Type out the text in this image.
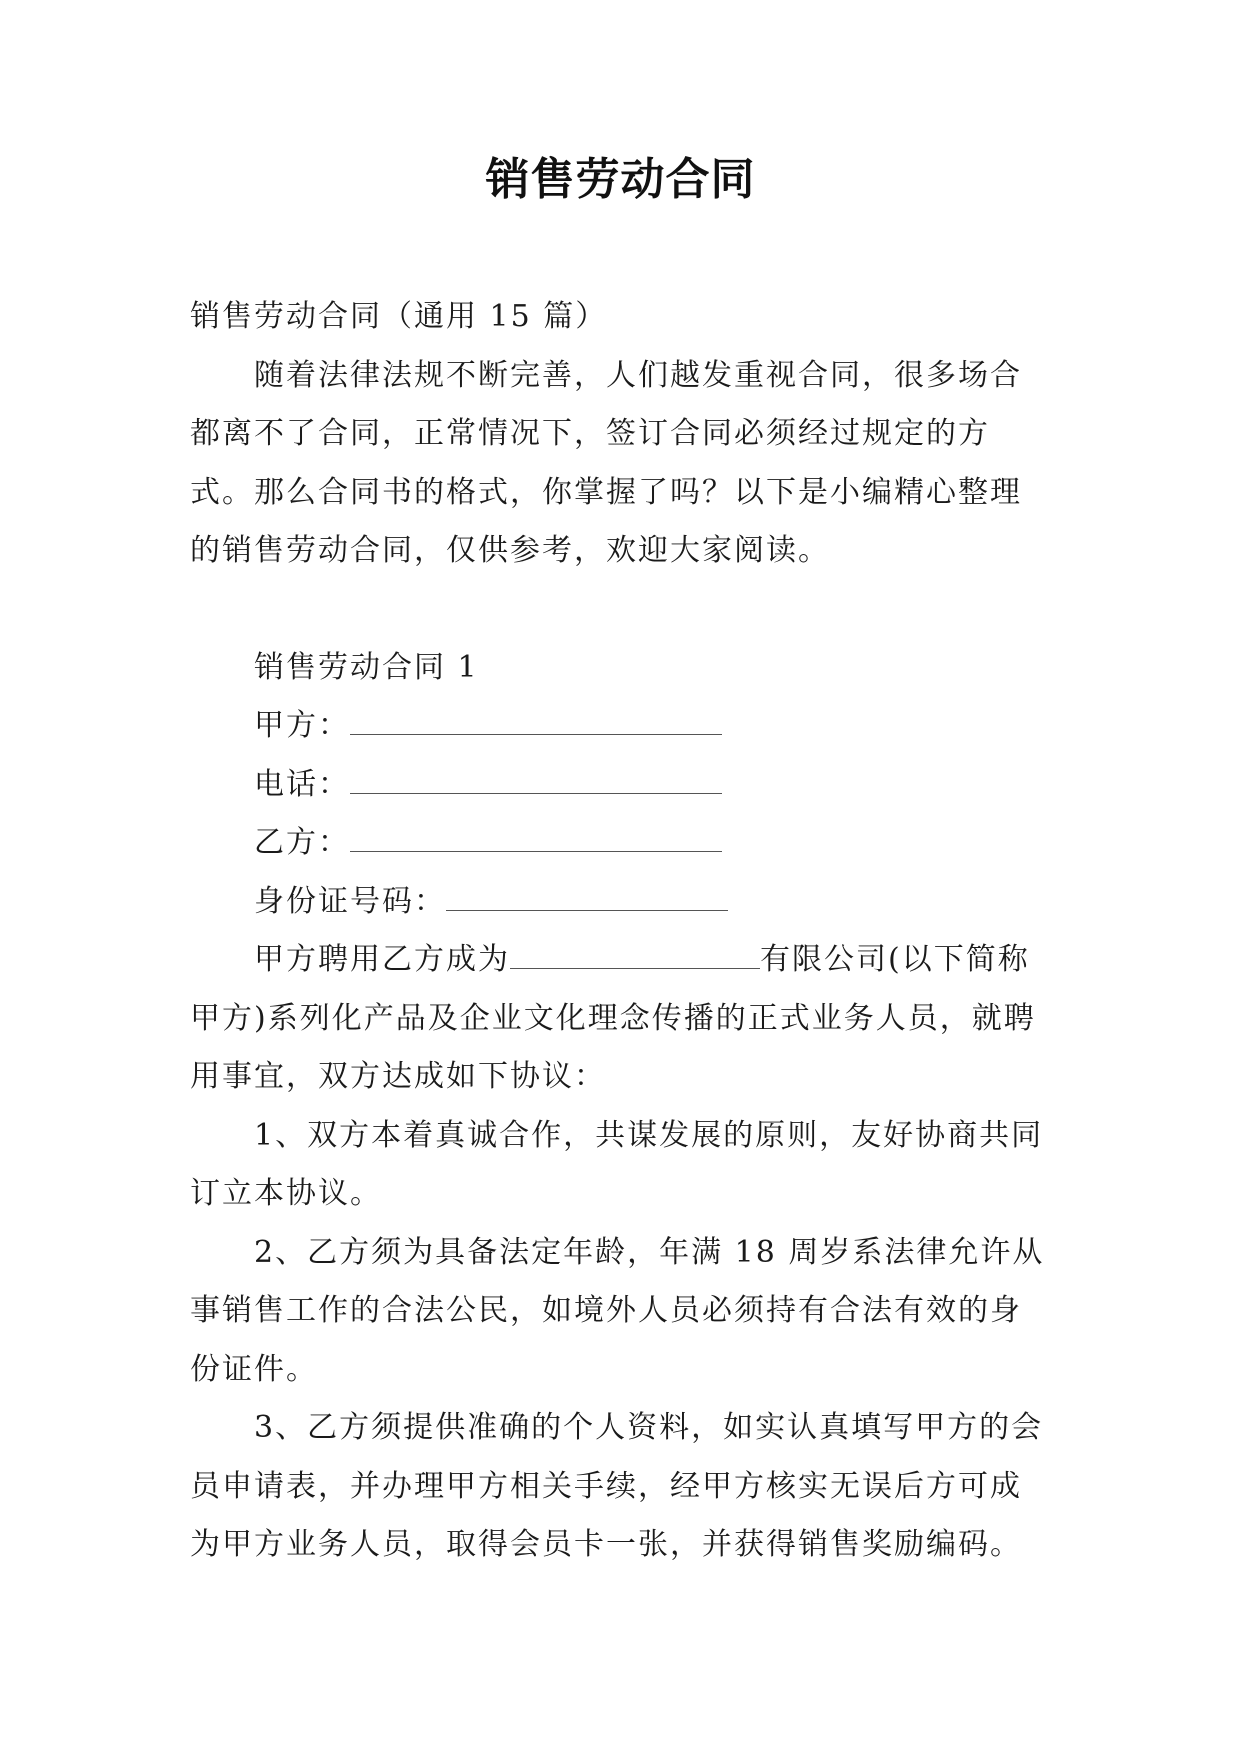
销售劳动合同

销售劳动合同（通用 15 篇）

随着法律法规不断完善，人们越发重视合同，很多场合都离不了合同，正常情况下，签订合同必须经过规定的方式。那么合同书的格式，你掌握了吗？以下是小编精心整理的销售劳动合同，仅供参考，欢迎大家阅读。

销售劳动合同 1

甲方：

电话：

乙方：

身份证号码：

甲方聘用乙方成为	有限公司(以下简称甲方)系列化产品及企业文化理念传播的正式业务人员，就聘用事宜，双方达成如下协议：

1、双方本着真诚合作，共谋发展的原则，友好协商共同订立本协议。

2、乙方须为具备法定年龄，年满 18 周岁系法律允许从事销售工作的合法公民，如境外人员必须持有合法有效的身份证件。

3、乙方须提供准确的个人资料，如实认真填写甲方的会员申请表，并办理甲方相关手续，经甲方核实无误后方可成为甲方业务人员，取得会员卡一张，并获得销售奖励编码。
